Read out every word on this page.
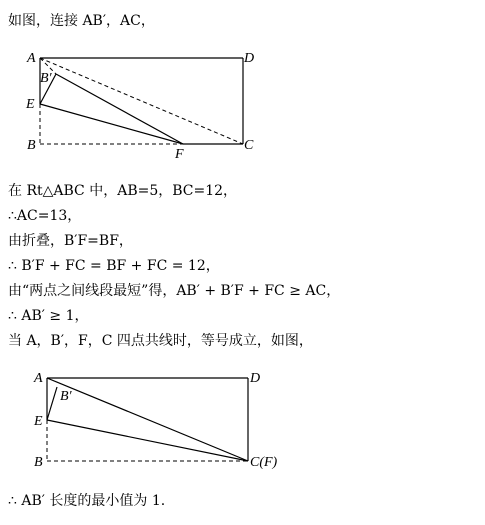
如图，连接 AB′，AC，
A	D
B′
E
B
F
C
在 Rt△ABC 中，AB=5，BC=12，
∴AC=13，
由折叠，B′F=BF，
∴ B′F + FC = BF + FC = 12，
由“两点之间线段最短”得，AB′ + B′F + FC ≥ AC，
∴ AB′ ≥ 1，
当 A，B′，F，C 四点共线时，等号成立，如图，
A	D
B′
E
B	C(F)
∴ AB′ 长度的最小值为 1.
